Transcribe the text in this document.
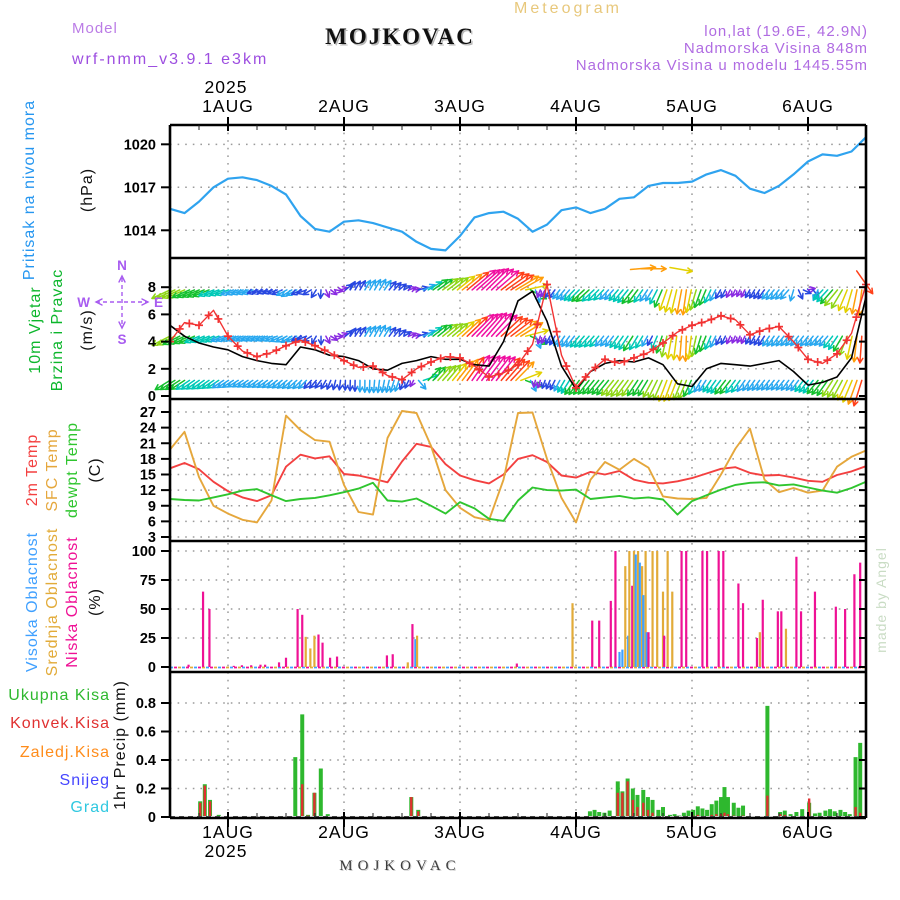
Meteogram
Model	MOJKOVAC	lon,lat (19.6E, 42.9N)
Nadmorska Visina 848m
Nadmorska Visina u modelu 1445.55m
wrf-nmm_v3.9.1 e3km
1014
1017
1020
0
2
4
6
8
3
6
9
12
15
18
21
24
27
0
25
50
75
100
0
0.2
0.4
0.6
0.8
1AUG
1AUG
2AUG
2AUG
3AUG
3AUG
4AUG
4AUG
5AUG
5AUG
6AUG
6AUG
2025
2025
N
S
W	E
Pritisak na nivou mora	(hPa)
10m Vjetar Brzina i Pravac (m/s)
2m Temp SFC Temp dewpt Temp (C)
Visoka Oblacnost Srednja Oblacnost Niska Oblacnost (%)
1hr Precip (mm)
Ukupna Kisa
Konvek.Kisa
Zaledj.Kisa
Snijeg
Grad
made by Angel
MOJKOVAC
